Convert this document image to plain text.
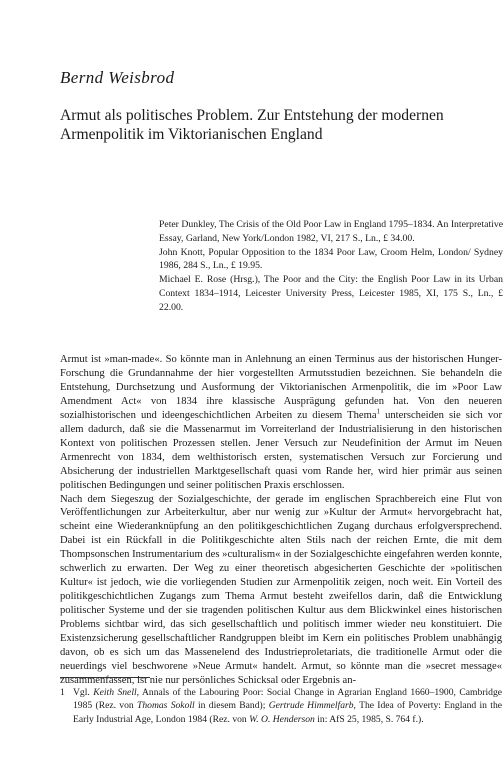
Bernd Weisbrod
Armut als politisches Problem. Zur Entstehung der modernen
Armenpolitik im Viktorianischen England

Peter Dunkley, The Crisis of the Old Poor Law in England 1795–1834. An Interpretative Essay, Garland, New York/London 1982, VI, 217 S., Ln., £ 34.00.

John Knott, Popular Opposition to the 1834 Poor Law, Croom Helm, London/ Sydney 1986, 284 S., Ln., £ 19.95.

Michael E. Rose (Hrsg.), The Poor and the City: the English Poor Law in its Urban Context 1834–1914, Leicester University Press, Leicester 1985, XI, 175 S., Ln., £ 22.00.

Armut ist »man-made«. So könnte man in Anlehnung an einen Terminus aus der historischen Hunger-Forschung die Grundannahme der hier vorgestellten Armutsstudien bezeichnen. Sie behandeln die Entstehung, Durchsetzung und Ausformung der Viktorianischen Armenpolitik, die im »Poor Law Amendment Act« von 1834 ihre klassische Ausprägung gefunden hat. Von den neueren sozialhistorischen und ideengeschichtlichen Arbeiten zu diesem Thema$^1$ unterscheiden sie sich vor allem dadurch, daß sie die Massenarmut im Vorreiterland der Industrialisierung in den historischen Kontext von politischen Prozessen stellen. Jener Versuch zur Neudefinition der Armut im Neuen Armenrecht von 1834, dem welthistorisch ersten, systematischen Versuch zur Forcierung und Absicherung der industriellen Marktgesellschaft quasi vom Rande her, wird hier primär aus seinen politischen Bedingungen und seiner politischen Praxis erschlossen.

Nach dem Siegeszug der Sozialgeschichte, der gerade im englischen Sprachbereich eine Flut von Veröffentlichungen zur Arbeiterkultur, aber nur wenig zur »Kultur der Armut« hervorgebracht hat, scheint eine Wiederanknüpfung an den politikgeschichtlichen Zugang durchaus erfolgversprechend. Dabei ist ein Rückfall in die Politikgeschichte alten Stils nach der reichen Ernte, die mit dem Thompsonschen Instrumentarium des »culturalism« in der Sozialgeschichte eingefahren werden konnte, schwerlich zu erwarten. Der Weg zu einer theoretisch abgesicherten Geschichte der »politischen Kultur« ist jedoch, wie die vorliegenden Studien zur Armenpolitik zeigen, noch weit. Ein Vorteil des politikgeschichtlichen Zugangs zum Thema Armut besteht zweifellos darin, daß die Entwicklung politischer Systeme und der sie tragenden politischen Kultur aus dem Blickwinkel eines historischen Problems sichtbar wird, das sich gesellschaftlich und politisch immer wieder neu konstituiert. Die Existenzsicherung gesellschaftlicher Randgruppen bleibt im Kern ein politisches Problem unabhängig davon, ob es sich um das Massenelend des Industrieproletariats, die traditionelle Armut oder die neuerdings viel beschworene »Neue Armut« handelt. Armut, so könnte man die »secret message« zusammenfassen, ist nie nur persönliches Schicksal oder Ergebnis an-

1 Vgl. Keith Snell, Annals of the Labouring Poor: Social Change in Agrarian England 1660–1900, Cambridge 1985 (Rez. von Thomas Sokoll in diesem Band); Gertrude Himmelfarb, The Idea of Poverty: England in the Early Industrial Age, London 1984 (Rez. von W. O. Henderson in: AfS 25, 1985, S. 764 f.).
